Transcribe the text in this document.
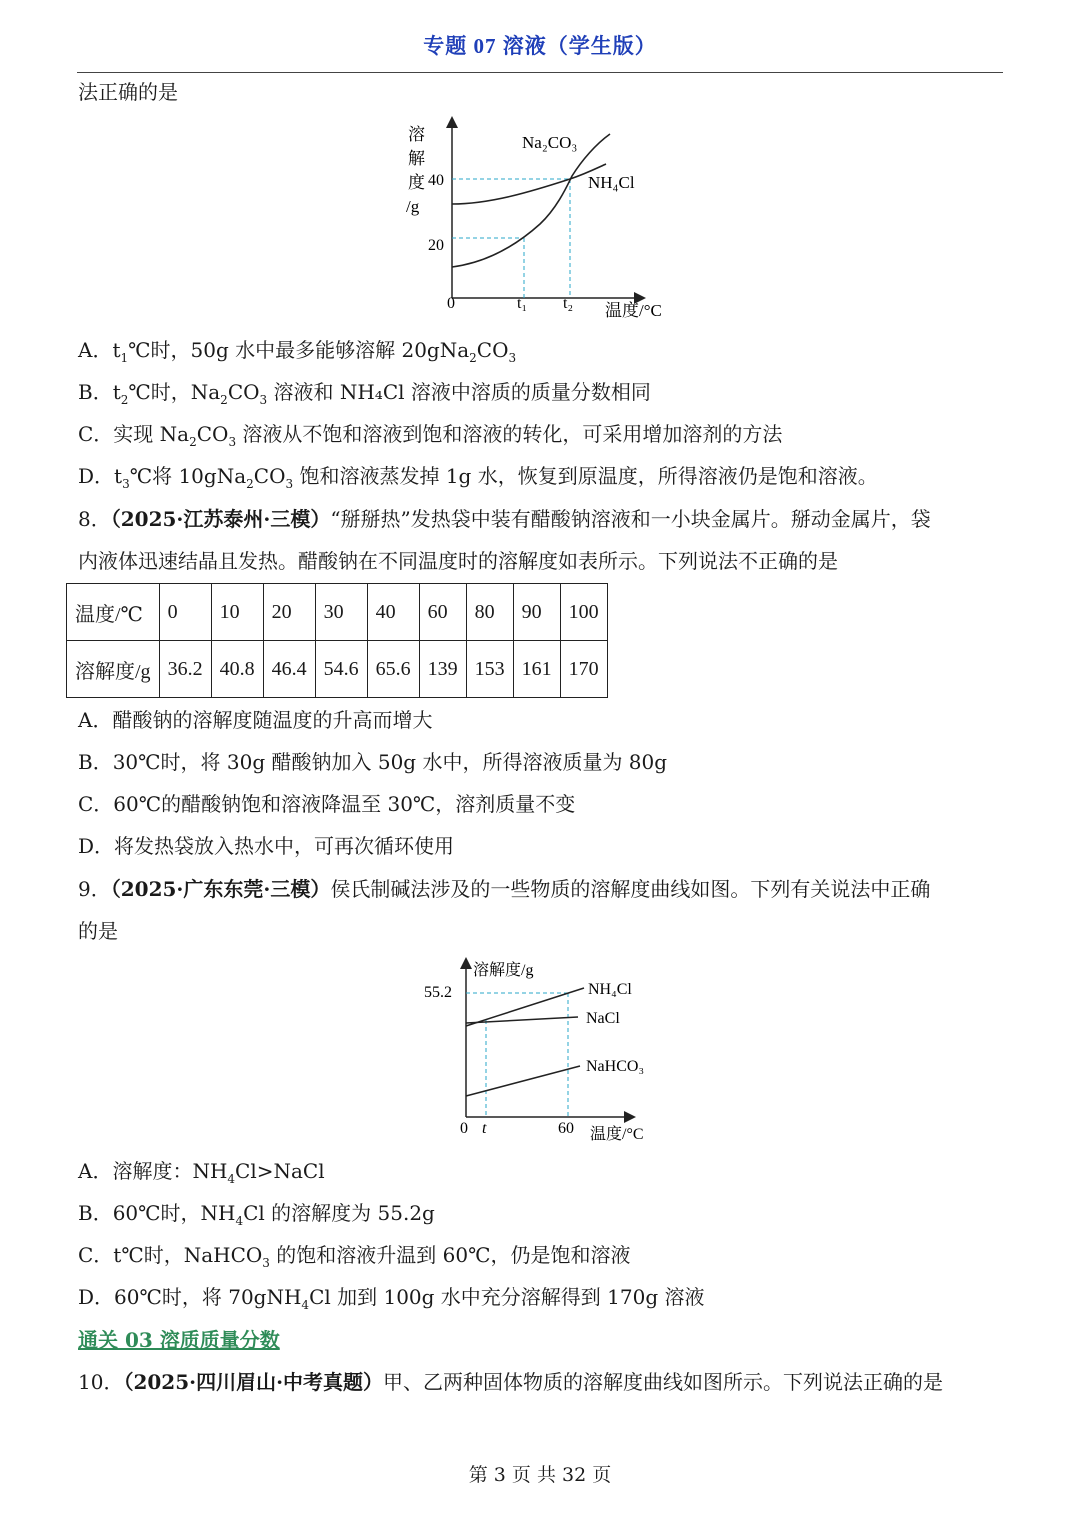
专题 07 溶液（学生版）
法正确的是
溶
解
度
/g
40
20
0	t₁ t₂ 温度/°C
Na₂CO₃
NH₄Cl
A．$t_1℃$时，50g 水中最多能够溶解 $20gNa_2CO_3$
B．$t_2℃$时，$Na_2CO_3$ 溶液和 NH₄Cl 溶液中溶质的质量分数相同
C．实现 $Na_2CO_3$ 溶液从不饱和溶液到饱和溶液的转化，可采用增加溶剂的方法
D．$t_3℃$将 $10gNa_2CO_3$ 饱和溶液蒸发掉 1g 水，恢复到原温度，所得溶液仍是饱和溶液。
8．（2025·江苏泰州·三模）“掰掰热”发热袋中装有醋酸钠溶液和一小块金属片。掰动金属片，袋
内液体迅速结晶且发热。醋酸钠在不同温度时的溶解度如表所示。下列说法不正确的是
温度/℃	0	10	20	30	40	60	80	90	100
溶解度/g	36.2	40.8	46.4	54.6	65.6	139	153	161	170
A．醋酸钠的溶解度随温度的升高而增大
B．30℃时，将 30g 醋酸钠加入 50g 水中，所得溶液质量为 80g
C．60℃的醋酸钠饱和溶液降温至 30℃，溶剂质量不变
D．将发热袋放入热水中，可再次循环使用
9．（2025·广东东莞·三模）侯氏制碱法涉及的一些物质的溶解度曲线如图。下列有关说法中正确
的是
溶解度/g
55.2
0 t	60 温度/°C
NH₄Cl
NaCl
NaHCO₃
A．溶解度：$NH_4Cl>NaCl$
B．60℃时，$NH_4Cl$ 的溶解度为 55.2g
C．t℃时，NaHCO$_3$ 的饱和溶液升温到 60℃，仍是饱和溶液
D．60℃时，将 70gNH$_4$Cl 加到 100g 水中充分溶解得到 170g 溶液
通关 03 溶质质量分数
10．（2025·四川眉山·中考真题）甲、乙两种固体物质的溶解度曲线如图所示。下列说法正确的是
第 3 页 共 32 页
